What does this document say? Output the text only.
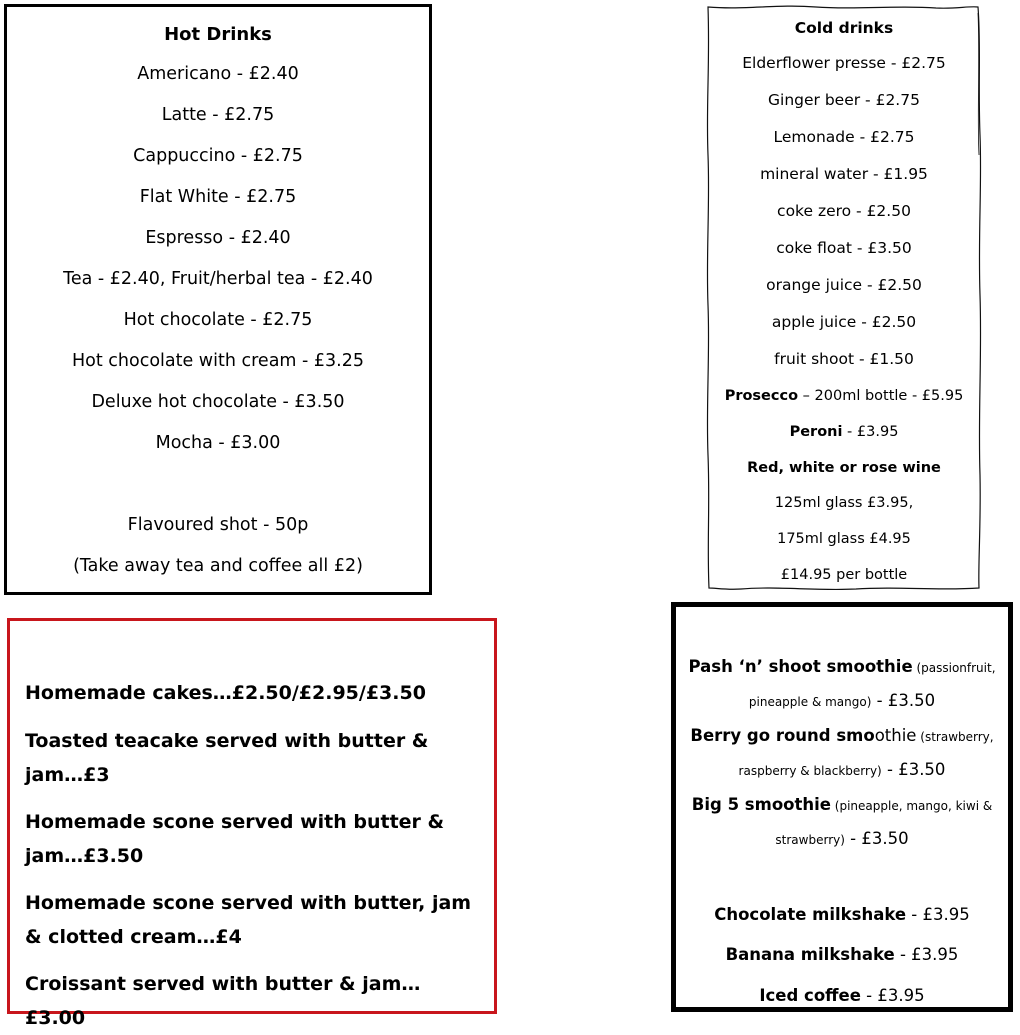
Hot Drinks
Americano - £2.40
Latte - £2.75
Cappuccino - £2.75
Flat White - £2.75
Espresso - £2.40
Tea - £2.40, Fruit/herbal tea - £2.40
Hot chocolate - £2.75
Hot chocolate with cream - £3.25
Deluxe hot chocolate - £3.50
Mocha - £3.00
Flavoured shot - 50p
(Take away tea and coffee all £2)
Cold drinks
Elderflower presse - £2.75
Ginger beer - £2.75
Lemonade - £2.75
mineral water - £1.95
coke zero - £2.50
coke float - £3.50
orange juice - £2.50
apple juice - £2.50
fruit shoot - £1.50
Prosecco – 200ml bottle - £5.95
Peroni - £3.95
Red, white or rose wine
125ml glass £3.95,
175ml glass £4.95
£14.95 per bottle
Homemade cakes…£2.50/£2.95/£3.50
Toasted teacake served with butter & jam…£3
Homemade scone served with butter & jam…£3.50
Homemade scone served with butter, jam & clotted cream…£4
Croissant served with butter & jam…£3.00
Pash ‘n’ shoot smoothie (passionfruit,
pineapple & mango) - £3.50
Berry go round smoothie (strawberry,
raspberry & blackberry) - £3.50
Big 5 smoothie (pineapple, mango, kiwi &
strawberry) - £3.50
Chocolate milkshake - £3.95
Banana milkshake - £3.95
Iced coffee - £3.95
